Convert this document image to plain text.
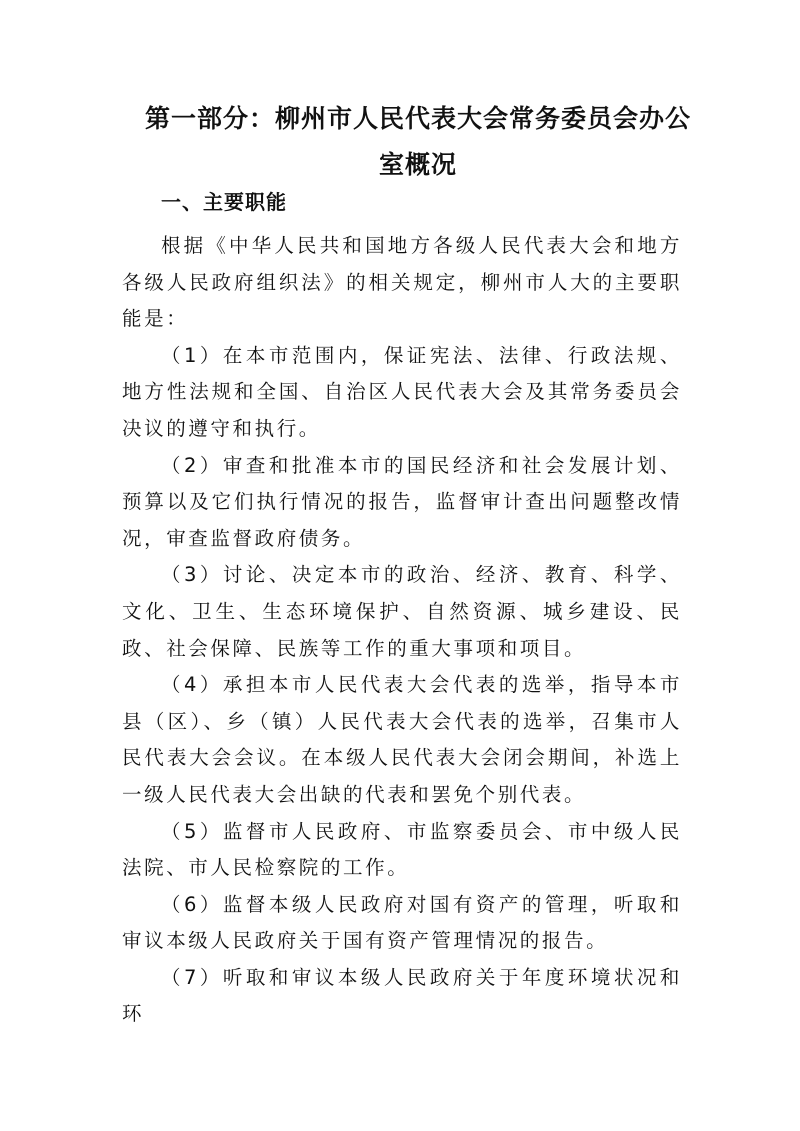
第一部分：柳州市人民代表大会常务委员会办公
室概况
一、主要职能

根据《中华人民共和国地方各级人民代表大会和地方各级人民政府组织法》的相关规定，柳州市人大的主要职能是：

（1）在本市范围内，保证宪法、法律、行政法规、地方性法规和全国、自治区人民代表大会及其常务委员会决议的遵守和执行。

（2）审查和批准本市的国民经济和社会发展计划、预算以及它们执行情况的报告，监督审计查出问题整改情况，审查监督政府债务。

（3）讨论、决定本市的政治、经济、教育、科学、文化、卫生、生态环境保护、自然资源、城乡建设、民政、社会保障、民族等工作的重大事项和项目。

（4）承担本市人民代表大会代表的选举，指导本市县（区）、乡（镇）人民代表大会代表的选举，召集市人民代表大会会议。在本级人民代表大会闭会期间，补选上一级人民代表大会出缺的代表和罢免个别代表。

（5）监督市人民政府、市监察委员会、市中级人民法院、市人民检察院的工作。

（6）监督本级人民政府对国有资产的管理，听取和审议本级人民政府关于国有资产管理情况的报告。

（7）听取和审议本级人民政府关于年度环境状况和环
